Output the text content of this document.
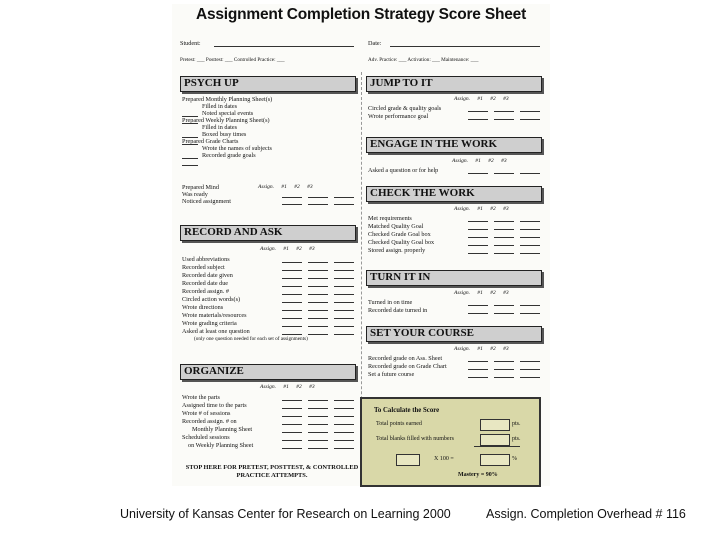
Assignment Completion Strategy Score Sheet
Student:	Date:
Pretest: ___ Posttest: ___ Controlled Practice: ___	Adv. Practice: ___ Activation: ___ Maintenance: ___
PSYCH UP
Prepared Monthly Planning Sheet(s)
Filled in dates
Noted special events
Prepared Weekly Planning Sheet(s)
Filled in dates
Boxed busy times
Prepared Grade Charts
Wrote the names of subjects
Recorded grade goals
Prepared Mind	Assign. #1 #2 #3
Was ready
Noticed assignment
RECORD AND ASK
Assign. #1 #2 #3
Used abbreviations
Recorded subject
Recorded date given
Recorded date due
Recorded assign. #
Circled action words(s)
Wrote directions
Wrote materials/resources
Wrote grading criteria
Asked at least one question
(only one question needed for each set of assignments)
ORGANIZE
Assign. #1 #2 #3
Wrote the parts
Assigned time to the parts
Wrote # of sessions
Recorded assign. # on
Monthly Planning Sheet
Scheduled sessions
on Weekly Planning Sheet
STOP HERE FOR PRETEST, POSTTEST, & CONTROLLED PRACTICE ATTEMPTS.
JUMP TO IT
Assign. #1 #2 #3
Circled grade & quality goals
Wrote performance goal
ENGAGE IN THE WORK
Assign. #1 #2 #3
Asked a question or for help
CHECK THE WORK
Assign. #1 #2 #3
Met requirements
Matched Quality Goal
Checked Grade Goal box
Checked Quality Goal box
Stored assign. properly
TURN IT IN
Assign. #1 #2 #3
Turned in on time
Recorded date turned in
SET YOUR COURSE
Assign. #1 #2 #3
Recorded grade on Ass. Sheet
Recorded grade on Grade Chart
Set a future course
To Calculate the Score
Total points earned	pts.
Total blanks filled with numbers	pts.
X 100 =	%
Mastery = 90%
University of Kansas Center for Research on Learning 2000	Assign. Completion Overhead # 116
